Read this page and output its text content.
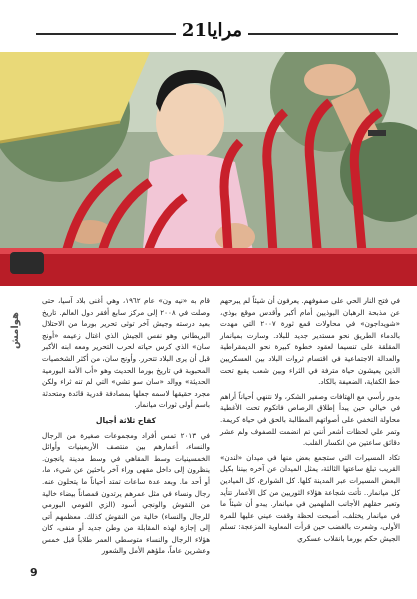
مرايا21
هوامش

في فتح النار الحي على صفوفهم. يعرفون أن شيئاً لم يبرحهم عن مذبحة الرهبان البوذيين أمام أكبر وأقدس موقع بوذي، «شويداجون» في محاولات قمع ثورة ٢٠٠٧ التي مهدت بالدماء الطريق نحو مستدير جديد للبلاد. وسارت بميانمار المقلقة على تنسيما لعقود خطوة كبيرة نحو الديمقراطية والعدالة الاجتماعية في اقتسام ثروات البلاد بين العسكريين الذين يعيشون حياة مترفة في الثراء وبين شعب يقبع تحت خط الكفاية، الضعيفة بالكاد.

بدور رأسي مع الهتافات وصفير الشكر، ولا نتنهي أحياناً أراهم في خيالي حين يبدأ إطلاق الرصاص فاتكوم تحت الأغطية محاولة التخفي على أصواتهم المطالبة بالحق في حياة كريمة. وتمر علي لحظات أشعر أنني تم انضمت للصفوف ولم عشر دقائق ساعتين من انكسار القلب.

تكاد المسيرات التي ستجمع بعض منها في ميدان «لندن» القريب تبلغ ساعتها الثالثة، يمثل الميدان عن آخره بيننا بكيل البعض المسيرات عبر المدينة كلها. كل الشوارع، كل الميادين كل ميانمار.. تأتت شجاعة هؤلاء الثوريين من كل الأعمار تتأيد وتعبر حقلهم الأجانب الملهمين في ميانمار. يبدو أن شيئاً ما في ميانمار يختلف، أصبحت لحظة وقفت عيني عليها للمرة الأولى، وشعرت بالغضب حين قرأت المعاوية المزعجة: تسلم الجيش حكم بورما بانقلاب عسكري

قام به «نيه ون» عام ١٩٦٢، وهي أغنى بلاد آسيا، حتى وصلت في ٢٠٠٨ إلى مركز سابع أفقر دول العالم. تاريخ بعيد درسته وجيش آخر توثى تحرير بورما من الاحتلال البريطاني وهو نفس الجيش الذي اغتال زعيمه «أونج سان» الذي كرس حياته لحرب التحرير ومعه ابنه الأكبر قبل أن يرى البلاد تتحرر. وأونج سان، من أكثر الشخصيات المحبوبة في تاريخ بورما الحديث وهو «أب الأمة البورمية الحديثة» ووالد «سان سو تشي» التي لم تنه ثراء ولكن مجرد حقيقها لاسمه جعلها بمصادفة قدرية قائدة ومتحدثة باسم أولى ثورات ميانمار.

كفاح ثلاثة أجيال

في ٢٠١٣ تمس أفراد ومجموعات صغيرة من الرجال والنساء، أعمارهم بين منتصف الأربعينيات وأوائل الخمسينيات وسط المقاهي في وسط مدينة يانجون. ينظرون إلى داخل مقهى وراء آخر باحثين عن شيء، ما، أو أحد ما. وبعد عدة ساعات تمتد أحياناً ما يتحلون عنه. رجال ونساء في مثل عمرهم يرتدون قمصاناً بيضاء خالية من النقوش والونجي أسود (الزي القومي البورمي للرجال والنساء) خالية من النقوش كذلك. معظمهم أتى إلى إجازة لهذه المقابلة من وطن جديد أو منفى، كان هؤلاء الرجال والنساء متوسطي العمر طلاباً قبل خمس وعشرين عاماً، ملؤهم الأمل والشعور

9
